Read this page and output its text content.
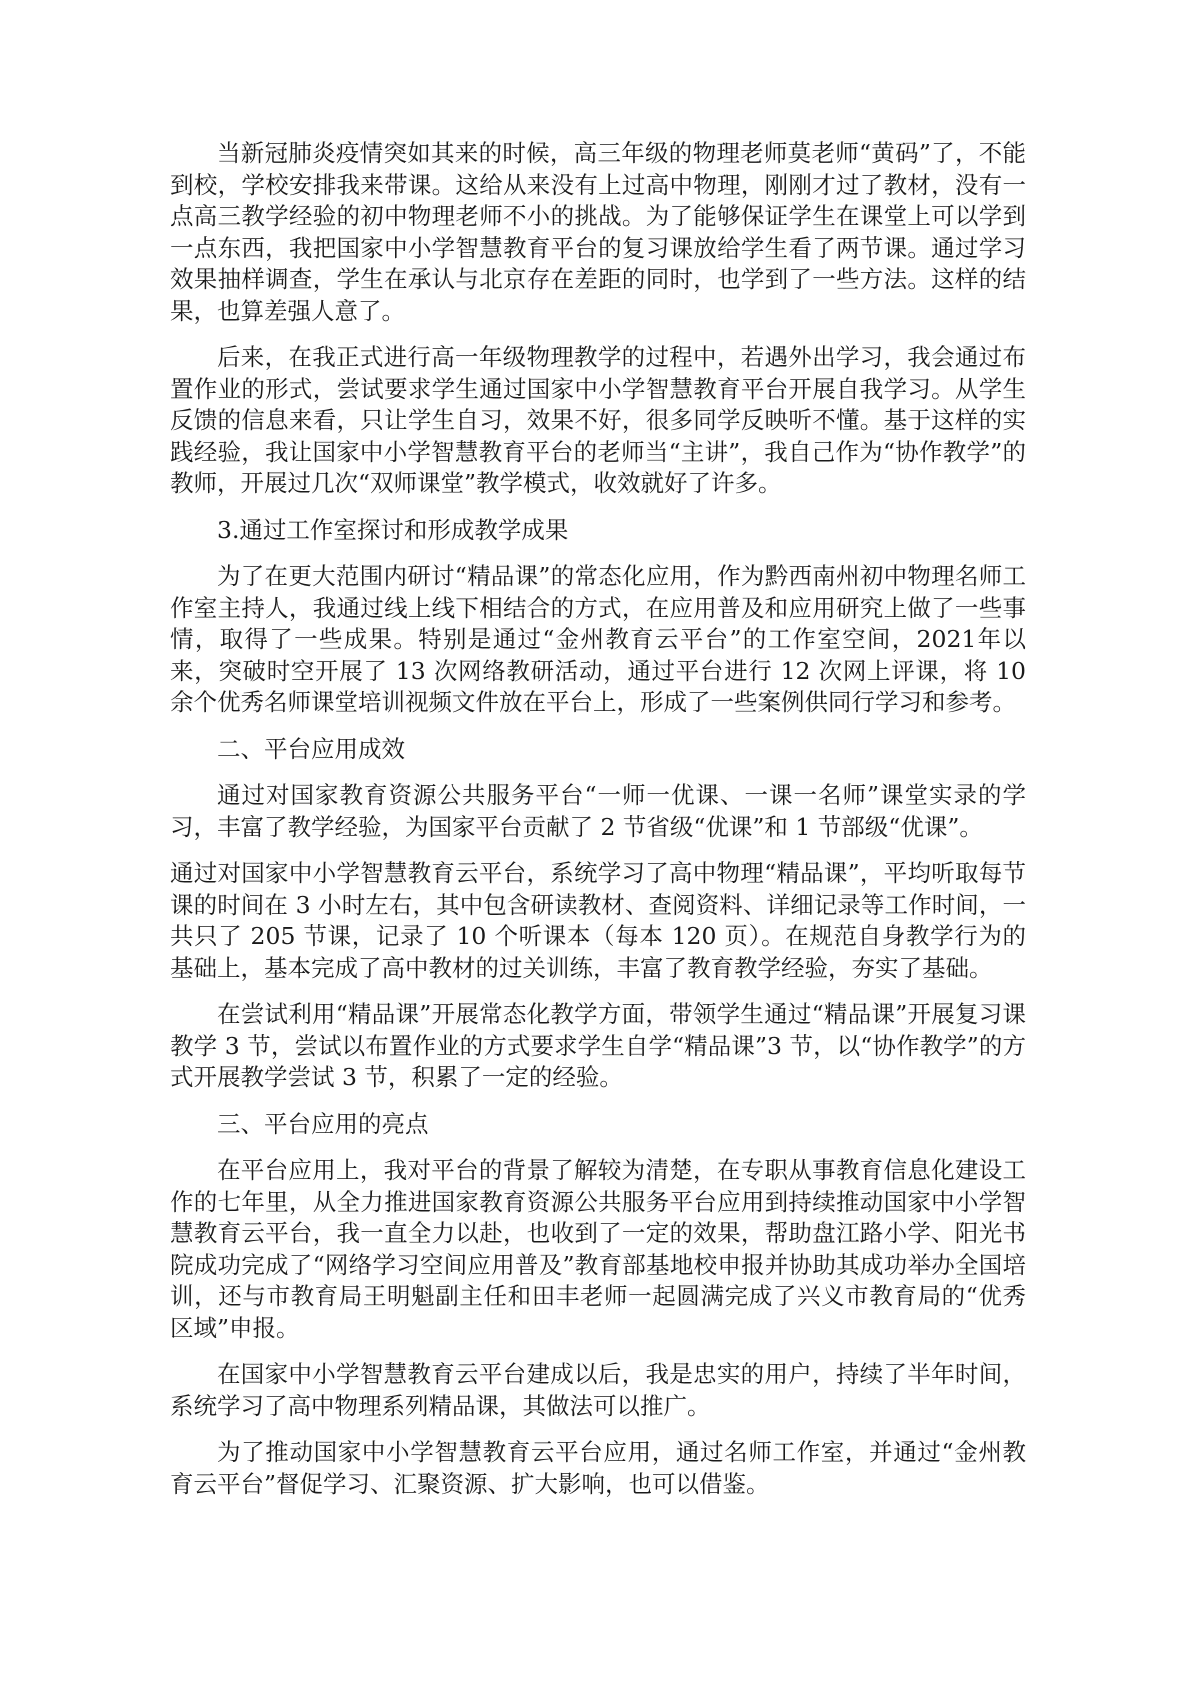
当新冠肺炎疫情突如其来的时候，高三年级的物理老师莫老师“黄码”了，不能到校，学校安排我来带课。这给从来没有上过高中物理，刚刚才过了教材，没有一点高三教学经验的初中物理老师不小的挑战。为了能够保证学生在课堂上可以学到一点东西，我把国家中小学智慧教育平台的复习课放给学生看了两节课。通过学习效果抽样调查，学生在承认与北京存在差距的同时，也学到了一些方法。这样的结果，也算差强人意了。

后来，在我正式进行高一年级物理教学的过程中，若遇外出学习，我会通过布置作业的形式，尝试要求学生通过国家中小学智慧教育平台开展自我学习。从学生反馈的信息来看，只让学生自习，效果不好，很多同学反映听不懂。基于这样的实践经验，我让国家中小学智慧教育平台的老师当“主讲”，我自己作为“协作教学”的教师，开展过几次“双师课堂”教学模式，收效就好了许多。

3.通过工作室探讨和形成教学成果

为了在更大范围内研讨“精品课”的常态化应用，作为黔西南州初中物理名师工作室主持人，我通过线上线下相结合的方式，在应用普及和应用研究上做了一些事情，取得了一些成果。特别是通过“金州教育云平台”的工作室空间，2021年以来，突破时空开展了 13 次网络教研活动，通过平台进行 12 次网上评课，将 10 余个优秀名师课堂培训视频文件放在平台上，形成了一些案例供同行学习和参考。

二、平台应用成效

通过对国家教育资源公共服务平台“一师一优课、一课一名师”课堂实录的学习，丰富了教学经验，为国家平台贡献了 2 节省级“优课”和 1 节部级“优课”。

通过对国家中小学智慧教育云平台，系统学习了高中物理“精品课”，平均听取每节课的时间在 3 小时左右，其中包含研读教材、查阅资料、详细记录等工作时间，一共只了 205 节课，记录了 10 个听课本（每本 120 页）。在规范自身教学行为的基础上，基本完成了高中教材的过关训练，丰富了教育教学经验，夯实了基础。

在尝试利用“精品课”开展常态化教学方面，带领学生通过“精品课”开展复习课教学 3 节，尝试以布置作业的方式要求学生自学“精品课”3 节，以“协作教学”的方式开展教学尝试 3 节，积累了一定的经验。

三、平台应用的亮点

在平台应用上，我对平台的背景了解较为清楚，在专职从事教育信息化建设工作的七年里，从全力推进国家教育资源公共服务平台应用到持续推动国家中小学智慧教育云平台，我一直全力以赴，也收到了一定的效果，帮助盘江路小学、阳光书院成功完成了“网络学习空间应用普及”教育部基地校申报并协助其成功举办全国培训，还与市教育局王明魁副主任和田丰老师一起圆满完成了兴义市教育局的“优秀区域”申报。

在国家中小学智慧教育云平台建成以后，我是忠实的用户，持续了半年时间，系统学习了高中物理系列精品课，其做法可以推广。

为了推动国家中小学智慧教育云平台应用，通过名师工作室，并通过“金州教育云平台”督促学习、汇聚资源、扩大影响，也可以借鉴。
